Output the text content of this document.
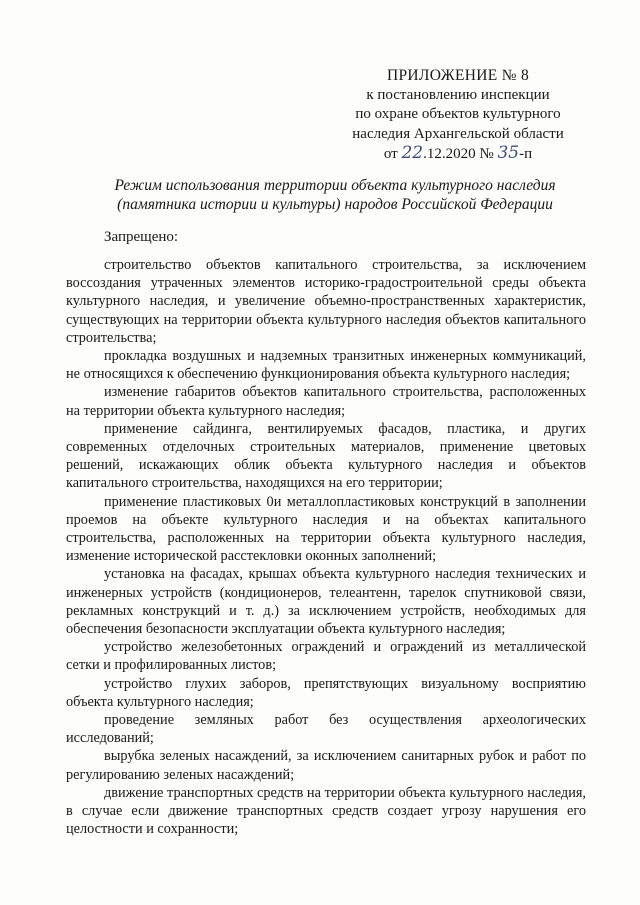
ПРИЛОЖЕНИЕ № 8
к постановлению инспекции
по охране объектов культурного
наследия Архангельской области
от 22.12.2020 № 35-п
Режим использования территории объекта культурного наследия
(памятника истории и культуры) народов Российской Федерации
Запрещено:

строительство объектов капитального строительства, за исключением воссоздания утраченных элементов историко-градостроительной среды объекта культурного наследия, и увеличение объемно-пространственных характеристик, существующих на территории объекта культурного наследия объектов капитального строительства;

прокладка воздушных и надземных транзитных инженерных коммуникаций, не относящихся к обеспечению функционирования объекта культурного наследия;

изменение габаритов объектов капитального строительства, расположенных на территории объекта культурного наследия;

применение сайдинга, вентилируемых фасадов, пластика, и других современных отделочных строительных материалов, применение цветовых решений, искажающих облик объекта культурного наследия и объектов капитального строительства, находящихся на его территории;

применение пластиковых 0и металлопластиковых конструкций в заполнении проемов на объекте культурного наследия и на объектах капитального строительства, расположенных на территории объекта культурного наследия, изменение исторической расстекловки оконных заполнений;

установка на фасадах, крышах объекта культурного наследия технических и инженерных устройств (кондиционеров, телеантенн, тарелок спутниковой связи, рекламных конструкций и т. д.) за исключением устройств, необходимых для обеспечения безопасности эксплуатации объекта культурного наследия;

устройство железобетонных ограждений и ограждений из металлической сетки и профилированных листов;

устройство глухих заборов, препятствующих визуальному восприятию объекта культурного наследия;

проведение земляных работ без осуществления археологических исследований;

вырубка зеленых насаждений, за исключением санитарных рубок и работ по регулированию зеленых насаждений;

движение транспортных средств на территории объекта культурного наследия, в случае если движение транспортных средств создает угрозу нарушения его целостности и сохранности;
